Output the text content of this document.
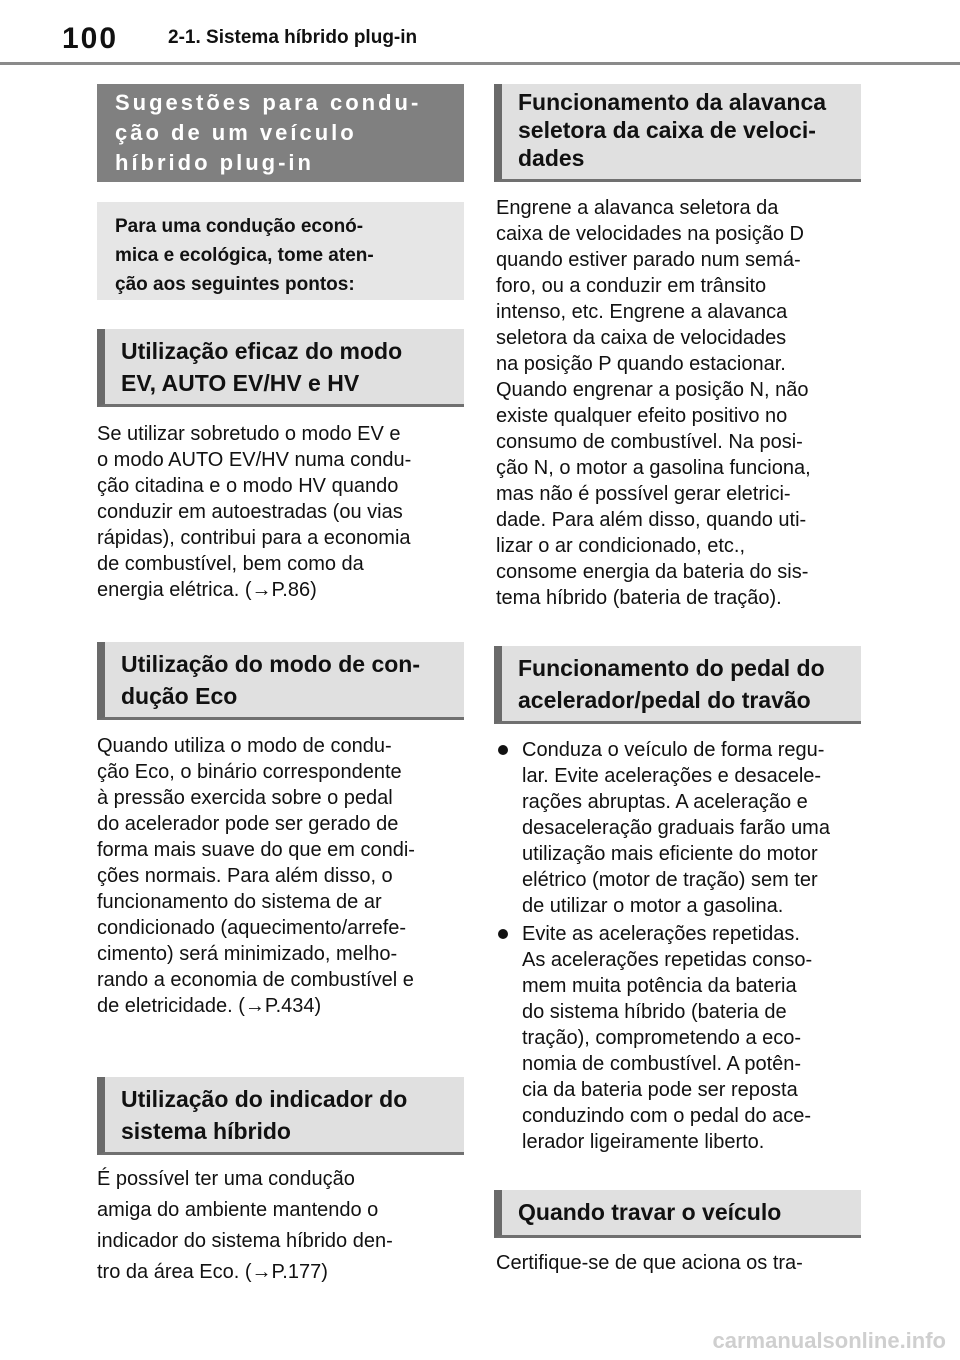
100	2-1. Sistema híbrido plug-in
Sugestões para condu-
ção de um veículo
híbrido plug-in
Para uma condução econó-
mica e ecológica, tome aten-
ção aos seguintes pontos:
Utilização eficaz do modo
EV, AUTO EV/HV e HV
Se utilizar sobretudo o modo EV e
o modo AUTO EV/HV numa condu-
ção citadina e o modo HV quando
conduzir em autoestradas (ou vias
rápidas), contribui para a economia
de combustível, bem como da
energia elétrica. (→P.86)
Utilização do modo de con-
dução Eco
Quando utiliza o modo de condu-
ção Eco, o binário correspondente
à pressão exercida sobre o pedal
do acelerador pode ser gerado de
forma mais suave do que em condi-
ções normais. Para além disso, o
funcionamento do sistema de ar
condicionado (aquecimento/arrefe-
cimento) será minimizado, melho-
rando a economia de combustível e
de eletricidade. (→P.434)
Utilização do indicador do
sistema híbrido
É possível ter uma condução
amiga do ambiente mantendo o
indicador do sistema híbrido den-
tro da área Eco. (→P.177)
Funcionamento da alavanca
seletora da caixa de veloci-
dades
Engrene a alavanca seletora da
caixa de velocidades na posição D
quando estiver parado num semá-
foro, ou a conduzir em trânsito
intenso, etc. Engrene a alavanca
seletora da caixa de velocidades
na posição P quando estacionar.
Quando engrenar a posição N, não
existe qualquer efeito positivo no
consumo de combustível. Na posi-
ção N, o motor a gasolina funciona,
mas não é possível gerar eletrici-
dade. Para além disso, quando uti-
lizar o ar condicionado, etc.,
consome energia da bateria do sis-
tema híbrido (bateria de tração).
Funcionamento do pedal do
acelerador/pedal do travão
Conduza o veículo de forma regu-
lar. Evite acelerações e desacele-
rações abruptas. A aceleração e
desaceleração graduais farão uma
utilização mais eficiente do motor
elétrico (motor de tração) sem ter
de utilizar o motor a gasolina.
Evite as acelerações repetidas.
As acelerações repetidas conso-
mem muita potência da bateria
do sistema híbrido (bateria de
tração), comprometendo a eco-
nomia de combustível. A potên-
cia da bateria pode ser reposta
conduzindo com o pedal do ace-
lerador ligeiramente liberto.
Quando travar o veículo
Certifique-se de que aciona os tra-
carmanualsonline.info
